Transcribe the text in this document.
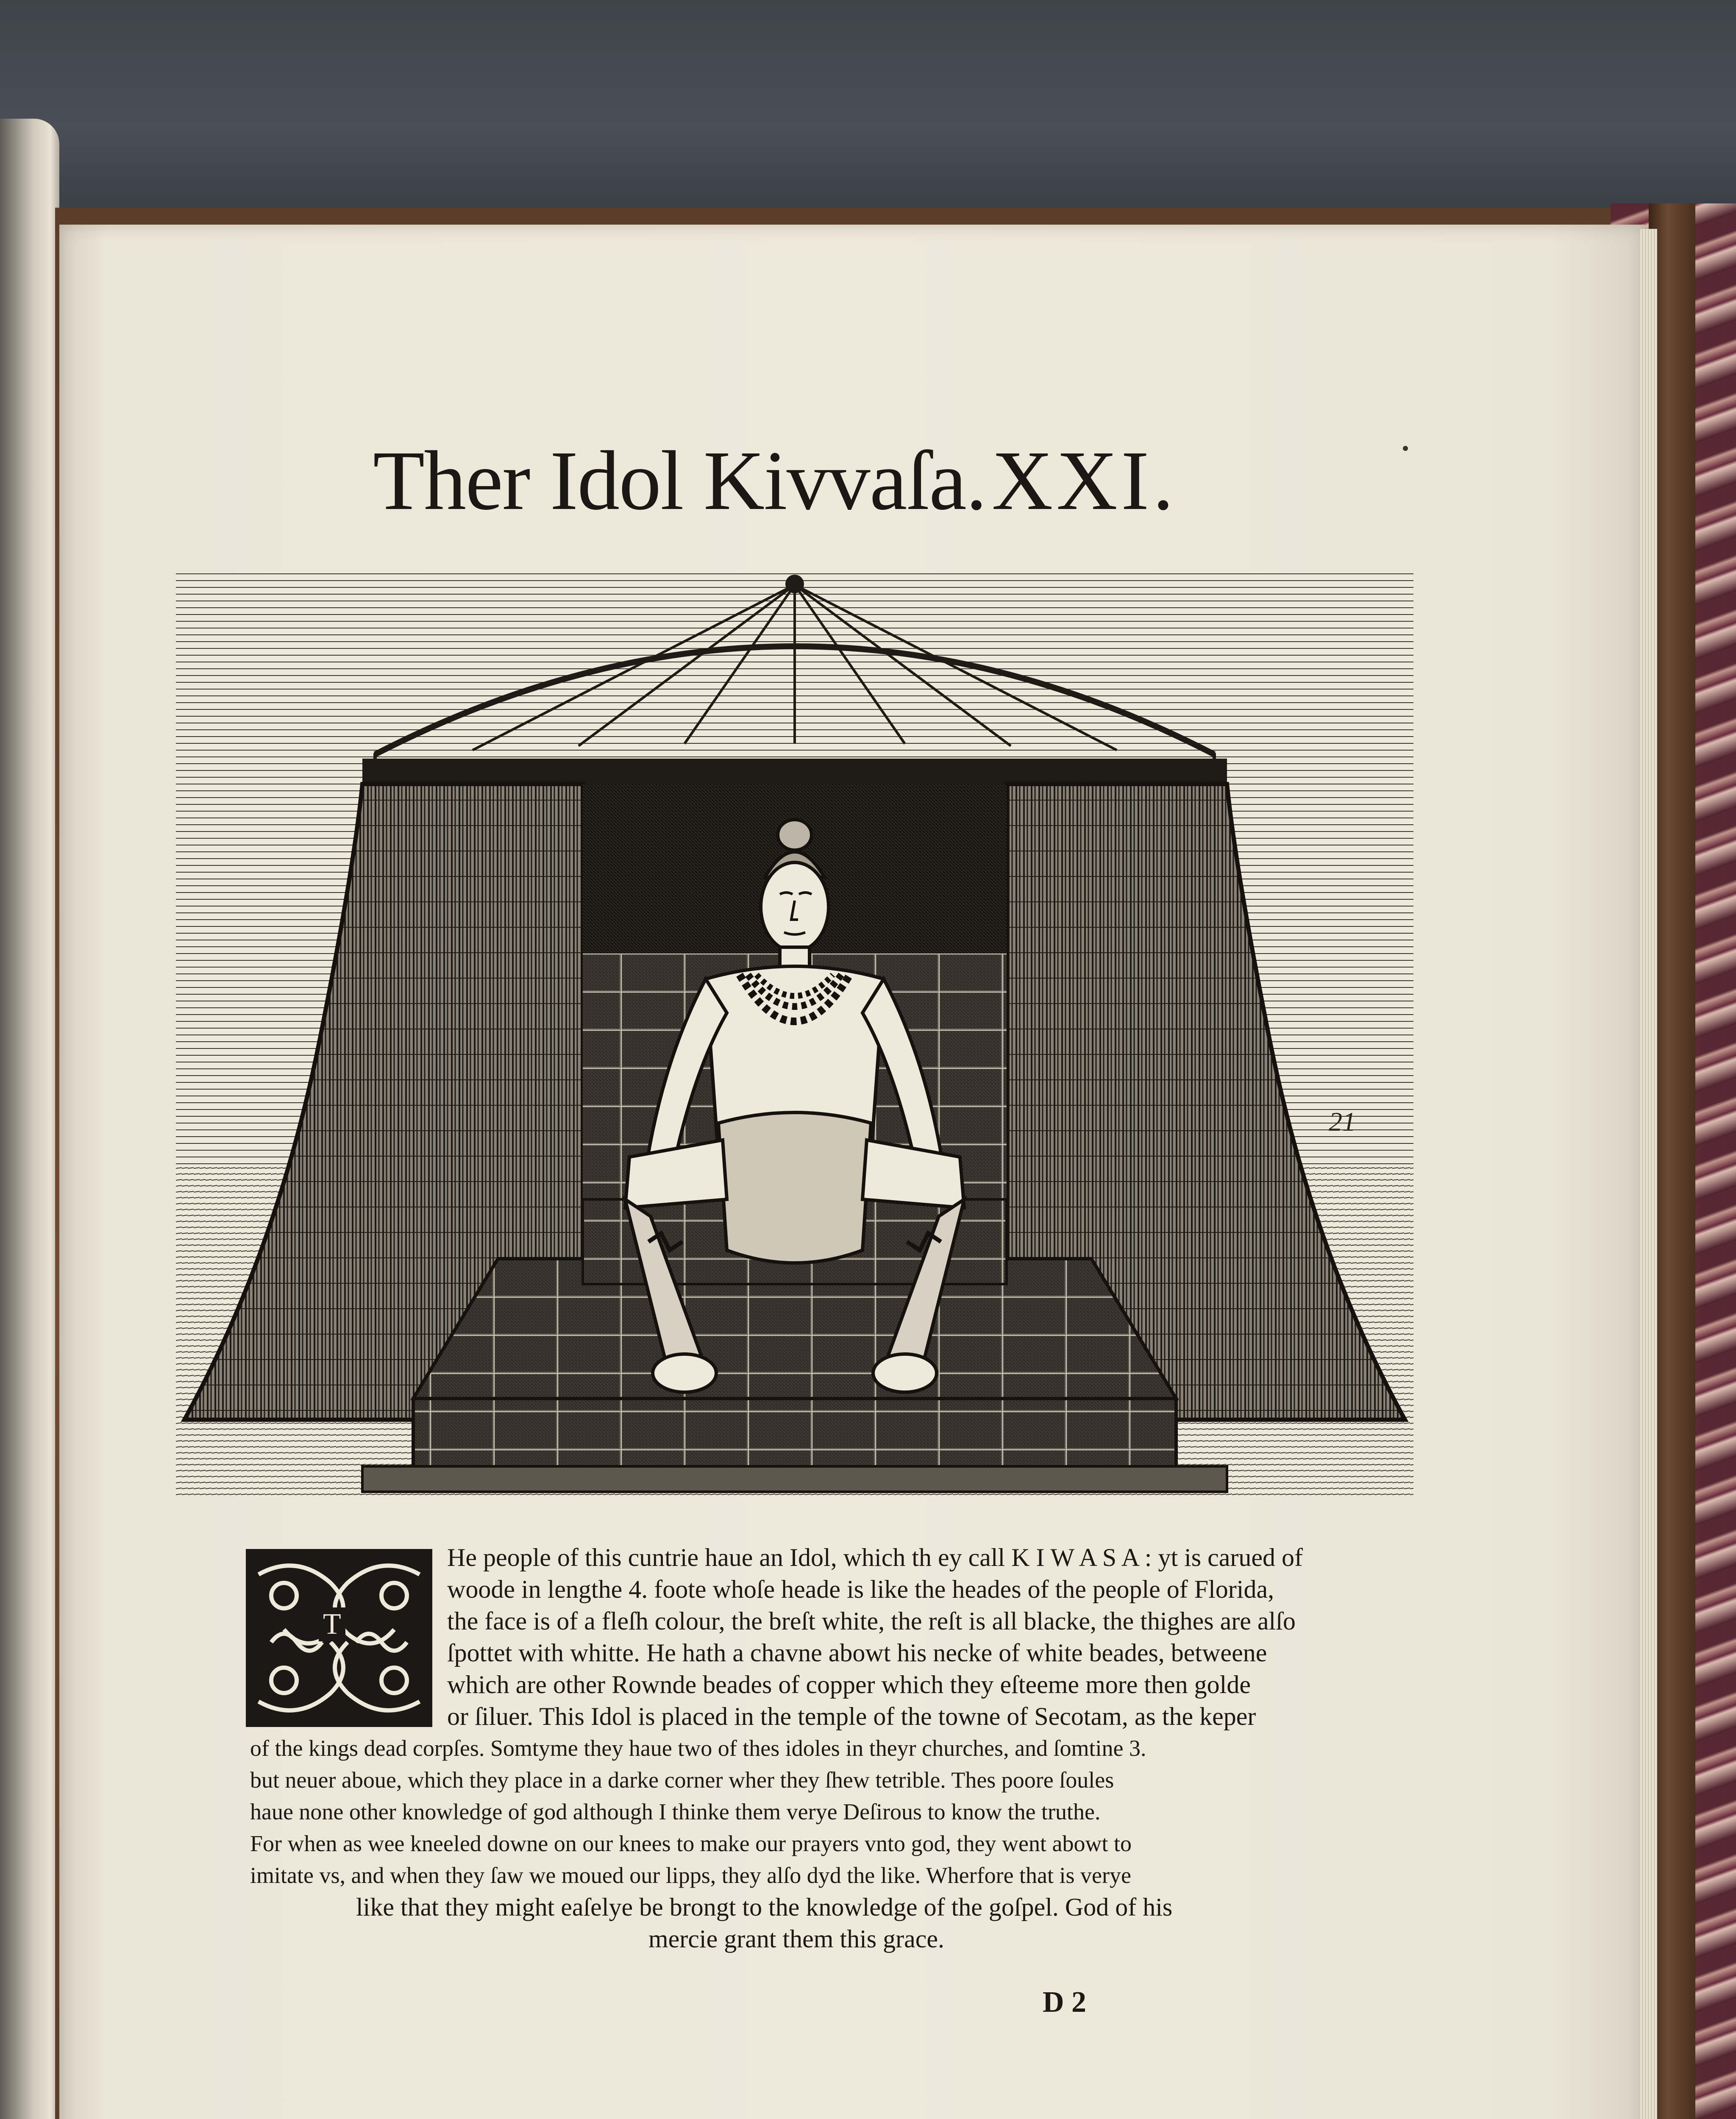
Ther Idol Kivvaſa. XXI.
21
T
He people of this cuntrie haue an Idol, which th ey call K I W A S A : yt is carued of
woode in lengthe 4. foote whoſe heade is like the heades of the people of Florida,
the face is of a fleſh colour, the breſt white, the reſt is all blacke, the thighes are alſo
ſpottet with whitte. He hath a chavne abowt his necke of white beades, betweene
which are other Rownde beades of copper which they eſteeme more then golde
or ſiluer. This Idol is placed in the temple of the towne of Secotam, as the keper
of the kings dead corpſes. Somtyme they haue two of thes idoles in theyr churches, and ſomtine 3.
but neuer aboue, which they place in a darke corner wher they ſhew tetrible. Thes poore ſoules
haue none other knowledge of god although I thinke them verye Deſirous to know the truthe.
For when as wee kneeled downe on our knees to make our prayers vnto god, they went abowt to
imitate vs, and when they ſaw we moued our lipps, they alſo dyd the like. Wherfore that is verye
like that they might eaſelye be brongt to the knowledge of the goſpel. God of his
mercie grant them this grace.
D 2
